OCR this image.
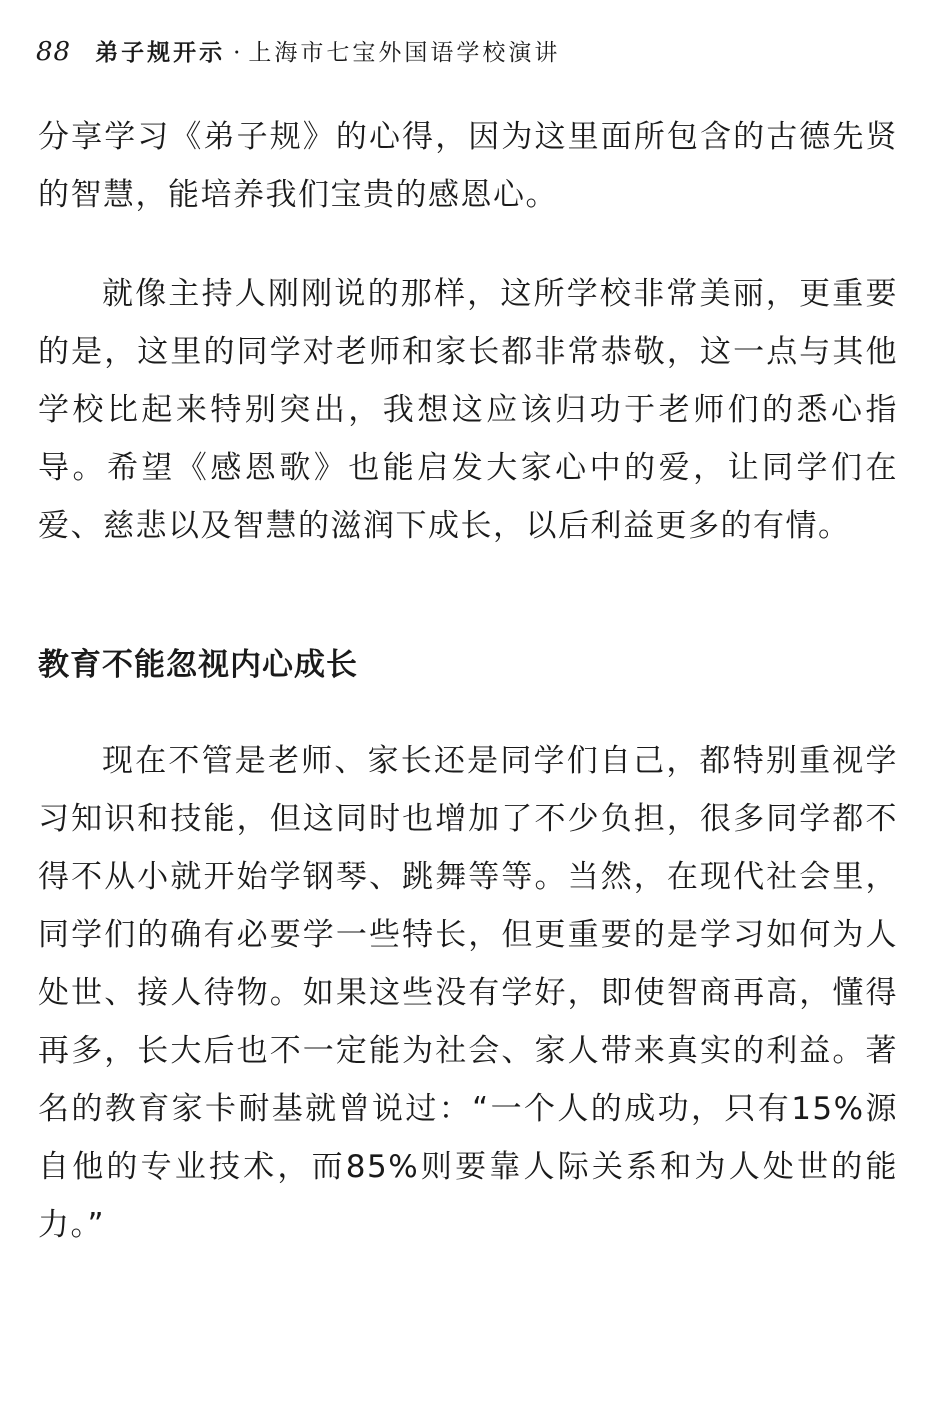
88 弟子规开示 · 上海市七宝外国语学校演讲

分享学习《弟子规》的心得，因为这里面所包含的古德先贤的智慧，能培养我们宝贵的感恩心。

就像主持人刚刚说的那样，这所学校非常美丽，更重要的是，这里的同学对老师和家长都非常恭敬，这一点与其他学校比起来特别突出，我想这应该归功于老师们的悉心指导。希望《感恩歌》也能启发大家心中的爱，让同学们在爱、慈悲以及智慧的滋润下成长，以后利益更多的有情。

教育不能忽视内心成长

现在不管是老师、家长还是同学们自己，都特别重视学习知识和技能，但这同时也增加了不少负担，很多同学都不得不从小就开始学钢琴、跳舞等等。当然，在现代社会里，同学们的确有必要学一些特长，但更重要的是学习如何为人处世、接人待物。如果这些没有学好，即使智商再高，懂得再多，长大后也不一定能为社会、家人带来真实的利益。著名的教育家卡耐基就曾说过：“一个人的成功，只有15%源自他的专业技术，而85%则要靠人际关系和为人处世的能力。”
